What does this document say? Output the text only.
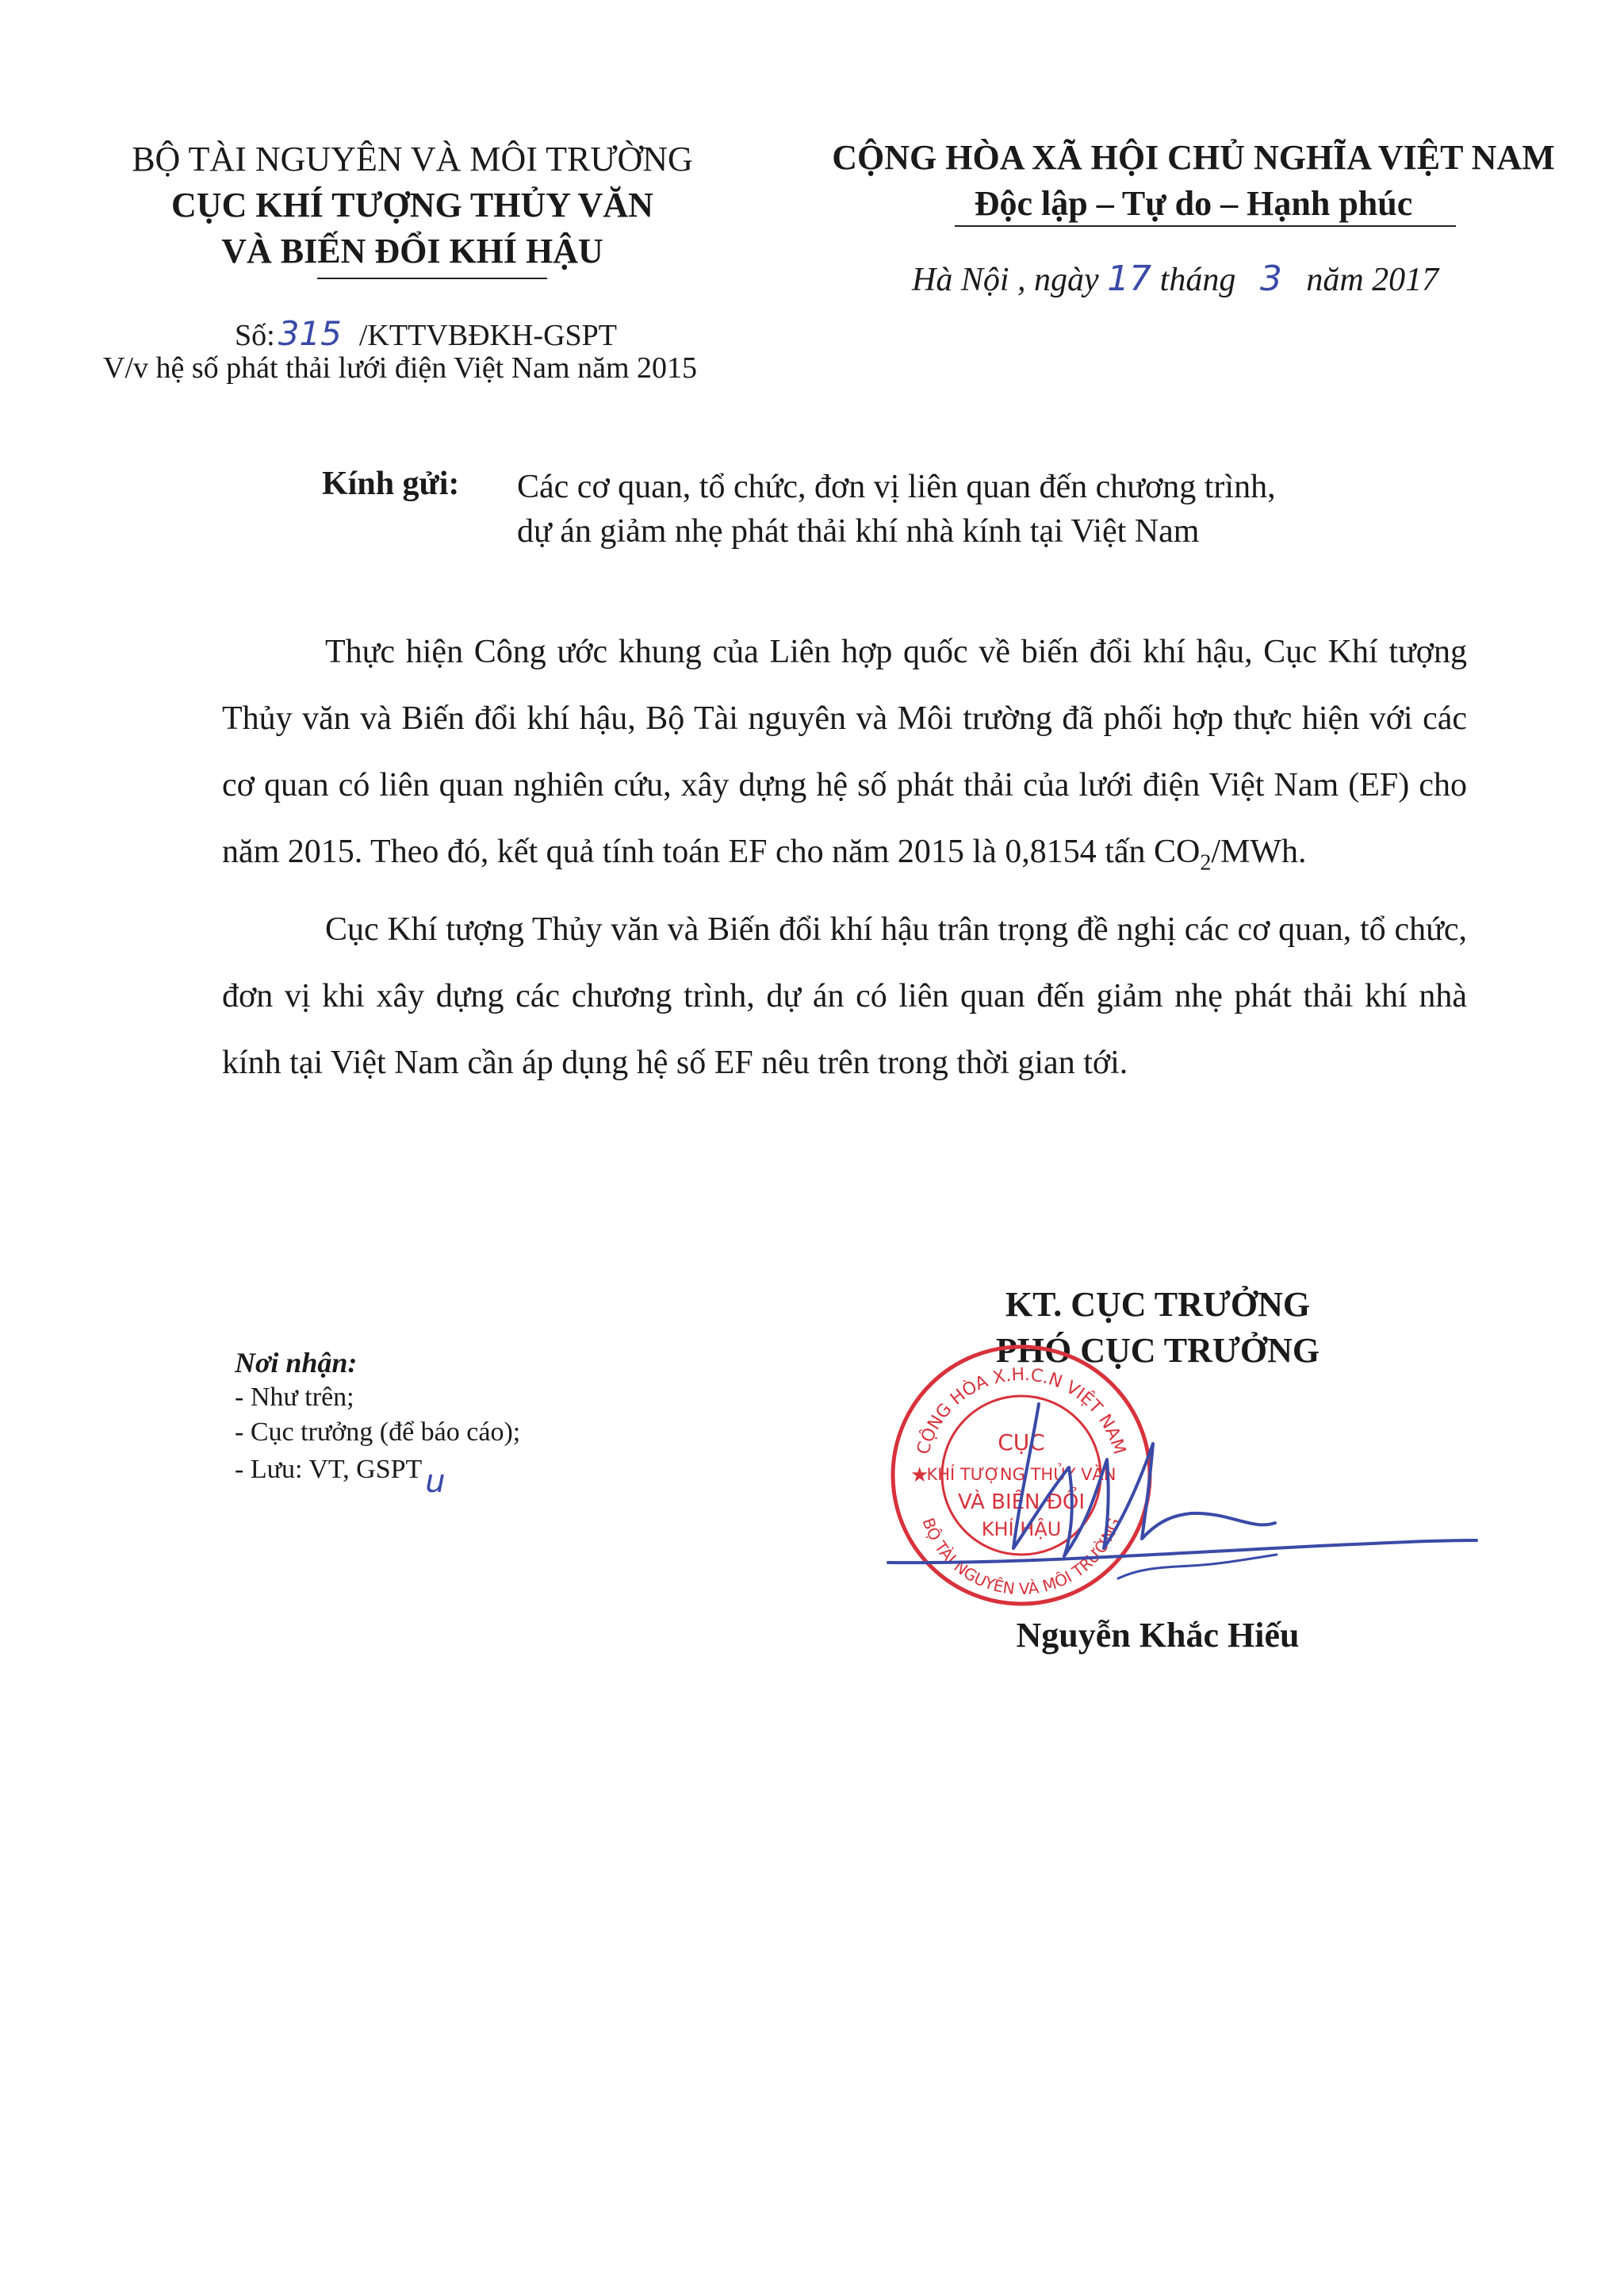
BỘ TÀI NGUYÊN VÀ MÔI TRƯỜNG
CỤC KHÍ TƯỢNG THỦY VĂN
VÀ BIẾN ĐỔI KHÍ HẬU
CỘNG HÒA XÃ HỘI CHỦ NGHĨA VIỆT NAM
Độc lập – Tự do – Hạnh phúc
Hà Nội , ngày 17 tháng 3 năm 2017
Số:315 /KTTVBĐKH-GSPT
V/v hệ số phát thải lưới điện Việt Nam năm 2015
Kính gửi: Các cơ quan, tổ chức, đơn vị liên quan đến chương trình,
dự án giảm nhẹ phát thải khí nhà kính tại Việt Nam

Thực hiện Công ước khung của Liên hợp quốc về biến đổi khí hậu, Cục Khí tượng Thủy văn và Biến đổi khí hậu, Bộ Tài nguyên và Môi trường đã phối hợp thực hiện với các cơ quan có liên quan nghiên cứu, xây dựng hệ số phát thải của lưới điện Việt Nam (EF) cho năm 2015. Theo đó, kết quả tính toán EF cho năm 2015 là 0,8154 tấn $CO_2$/MWh.

Cục Khí tượng Thủy văn và Biến đổi khí hậu trân trọng đề nghị các cơ quan, tổ chức, đơn vị khi xây dựng các chương trình, dự án có liên quan đến giảm nhẹ phát thải khí nhà kính tại Việt Nam cần áp dụng hệ số EF nêu trên trong thời gian tới.

KT. CỤC TRƯỞNG
PHÓ CỤC TRƯỞNG
CỘNG HÒA X.H.C.N VIỆT NAM
BỘ TÀI NGUYÊN VÀ MÔI TRƯỜNG
★
CỤC
KHÍ TƯỢNG THỦY VĂN
VÀ BIẾN ĐỔI
KHÍ HẬU
Nguyễn Khắc Hiếu
Nơi nhận:
- Như trên;
- Cục trưởng (để báo cáo);
- Lưu: VT, GSPT u
